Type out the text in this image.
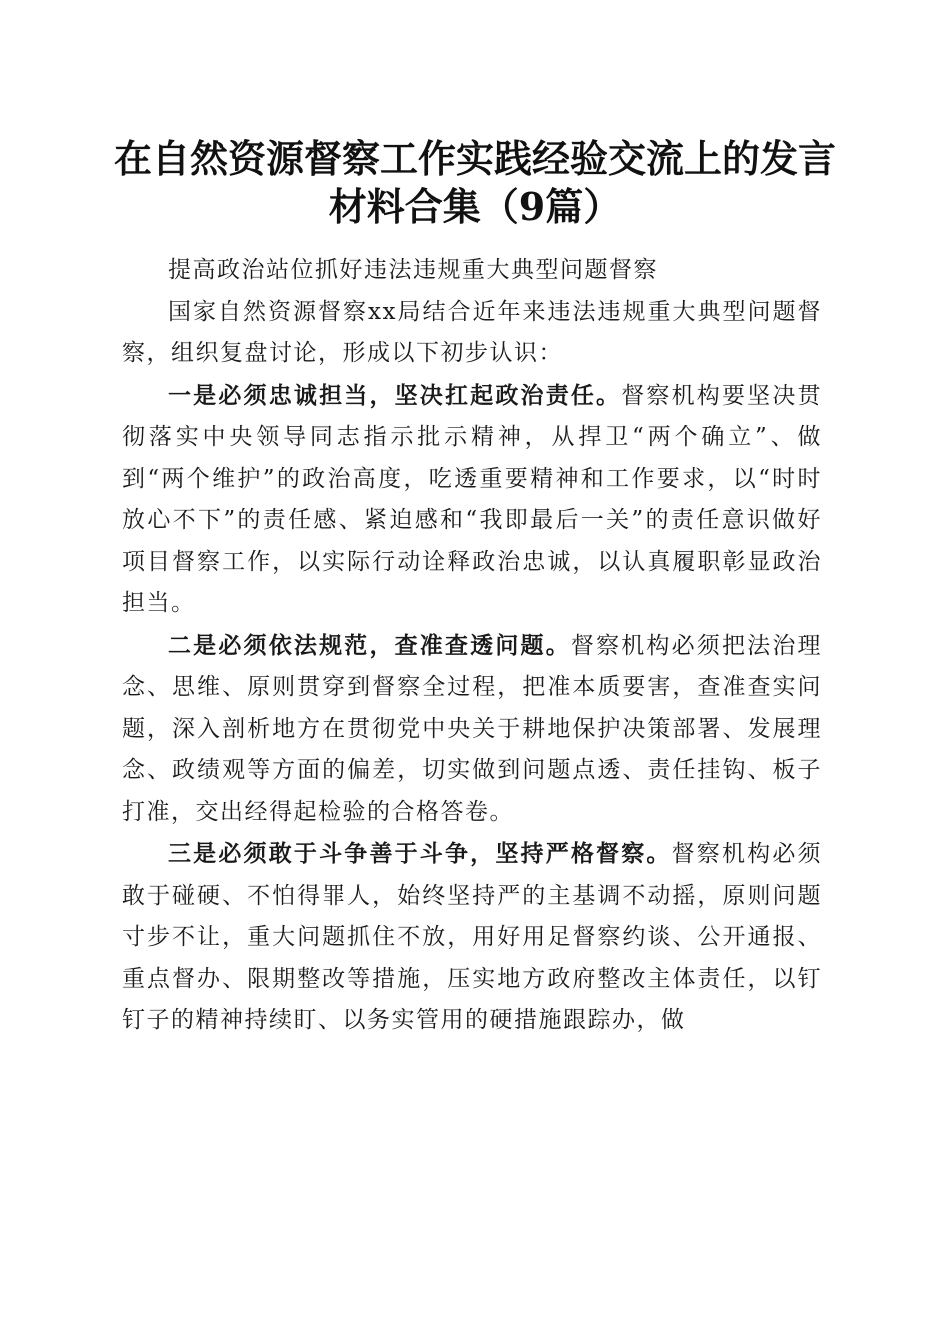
在自然资源督察工作实践经验交流上的发言材料合集（9篇）

提高政治站位抓好违法违规重大典型问题督察

国家自然资源督察xx局结合近年来违法违规重大典型问题督察，组织复盘讨论，形成以下初步认识：

一是必须忠诚担当，坚决扛起政治责任。督察机构要坚决贯彻落实中央领导同志指示批示精神，从捍卫“两个确立”、做到“两个维护”的政治高度，吃透重要精神和工作要求，以“时时放心不下”的责任感、紧迫感和“我即最后一关”的责任意识做好项目督察工作，以实际行动诠释政治忠诚，以认真履职彰显政治担当。

二是必须依法规范，查准查透问题。督察机构必须把法治理念、思维、原则贯穿到督察全过程，把准本质要害，查准查实问题，深入剖析地方在贯彻党中央关于耕地保护决策部署、发展理念、政绩观等方面的偏差，切实做到问题点透、责任挂钩、板子打准，交出经得起检验的合格答卷。

三是必须敢于斗争善于斗争，坚持严格督察。督察机构必须敢于碰硬、不怕得罪人，始终坚持严的主基调不动摇，原则问题寸步不让，重大问题抓住不放，用好用足督察约谈、公开通报、重点督办、限期整改等措施，压实地方政府整改主体责任，以钉钉子的精神持续盯、以务实管用的硬措施跟踪办，做
